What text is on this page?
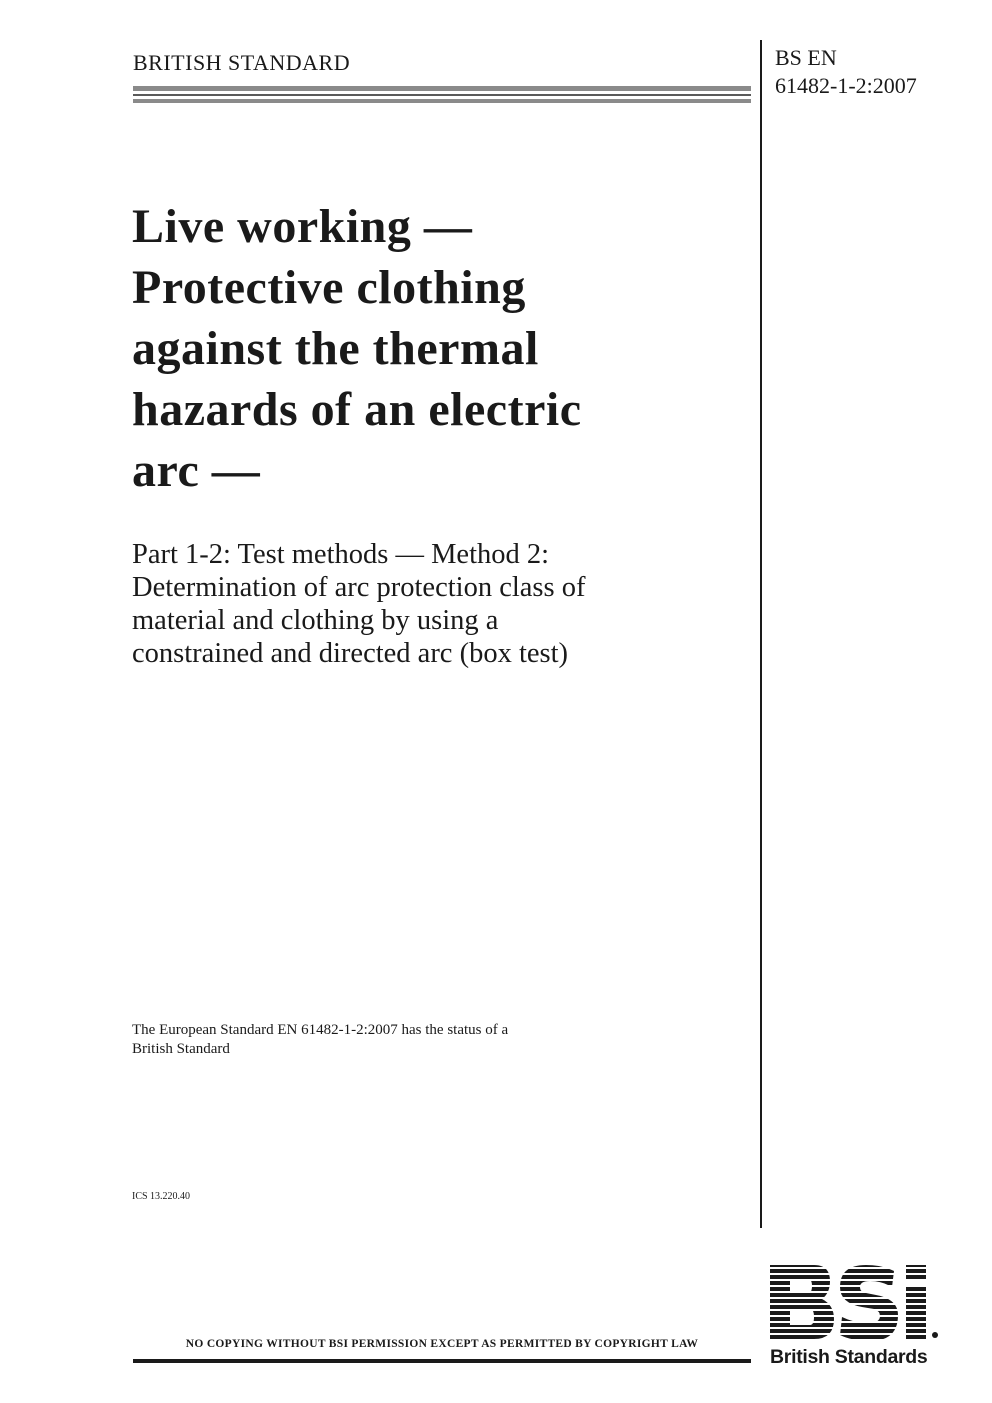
BRITISH STANDARD	BS EN
61482-1-2:2007
Live working —
Protective clothing
against the thermal
hazards of an electric
arc —
Part 1-2: Test methods — Method 2:
Determination of arc protection class of
material and clothing by using a
constrained and directed arc (box test)
The European Standard EN 61482-1-2:2007 has the status of a
British Standard
ICS 13.220.40
British Standards
NO COPYING WITHOUT BSI PERMISSION EXCEPT AS PERMITTED BY COPYRIGHT LAW
